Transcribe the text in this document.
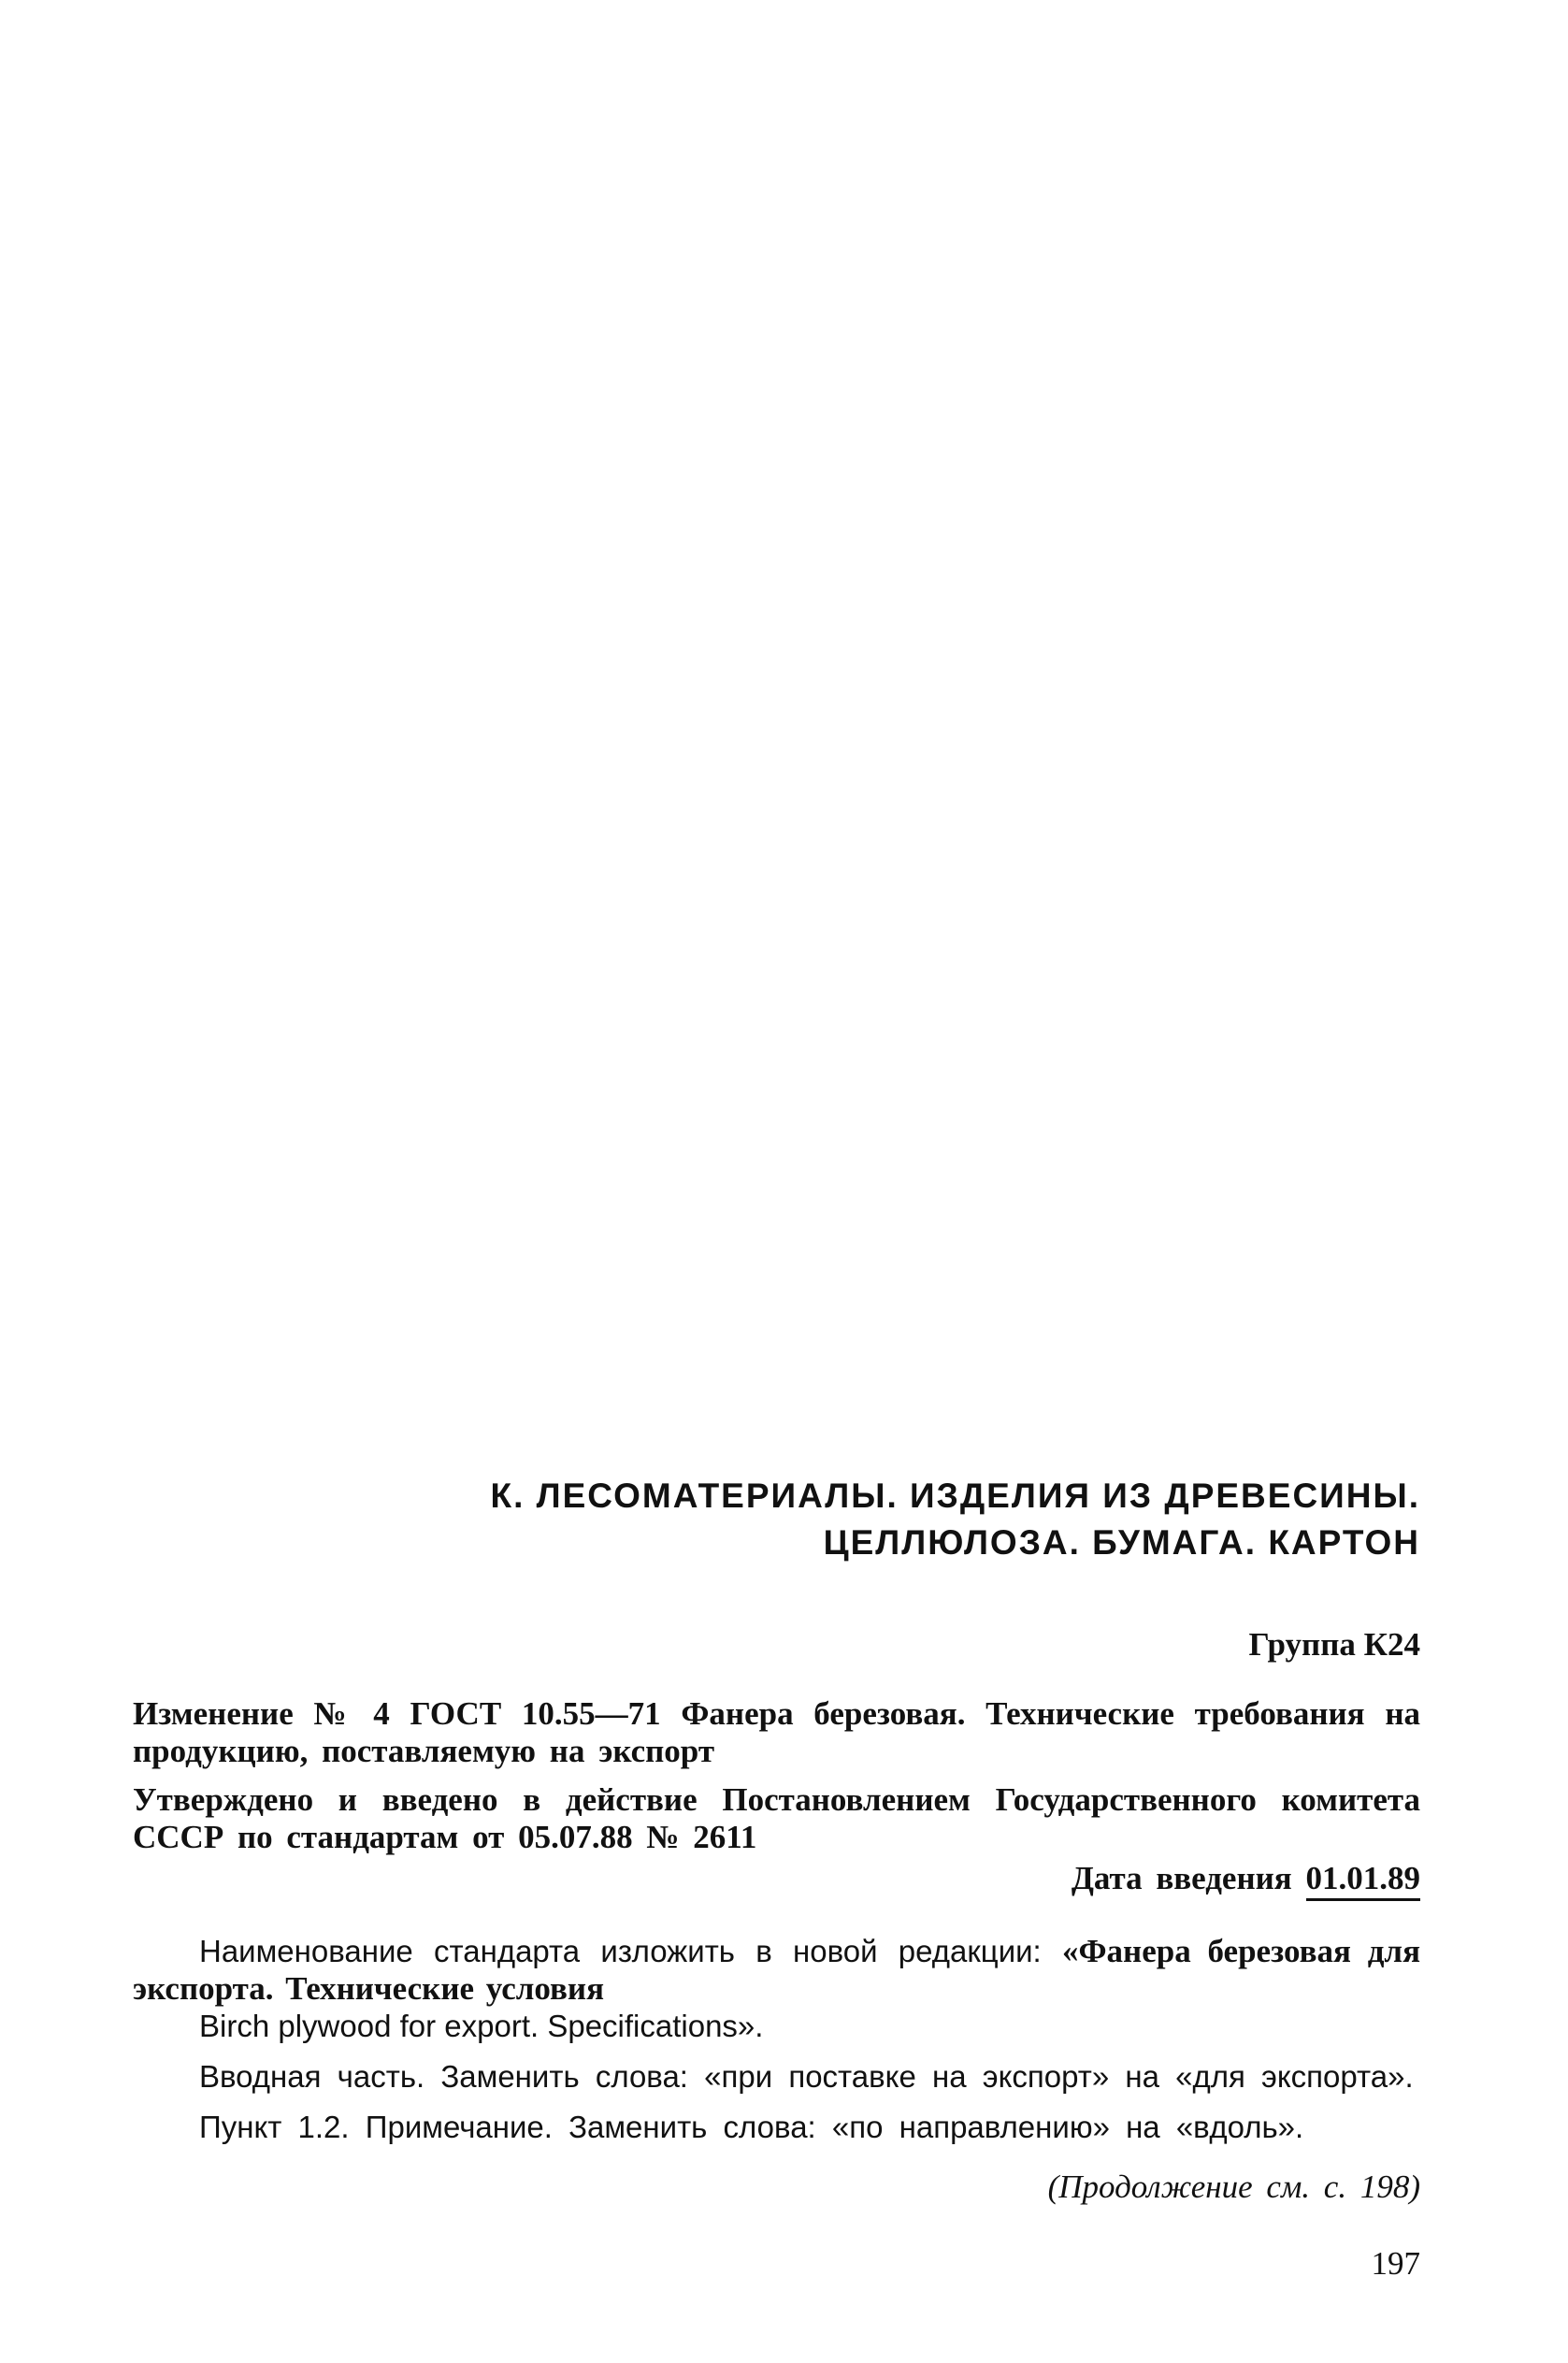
К. ЛЕСОМАТЕРИАЛЫ. ИЗДЕЛИЯ ИЗ ДРЕВЕСИНЫ.
ЦЕЛЛЮЛОЗА. БУМАГА. КАРТОН
Группа К24
Изменение № 4 ГОСТ 10.55—71 Фанера березовая. Технические требования на продукцию, поставляемую на экспорт
Утверждено и введено в действие Постановлением Государственного комитета СССР по стандартам от 05.07.88 № 2611
Дата введения 01.01.89
Наименование стандарта изложить в новой редакции: «Фанера березовая для экспорта. Технические условия
Birch plywood for export. Specifications».
Вводная часть. Заменить слова: «при поставке на экспорт» на «для экспорта».
Пункт 1.2. Примечание. Заменить слова: «по направлению» на «вдоль».
(Продолжение см. с. 198)
197
